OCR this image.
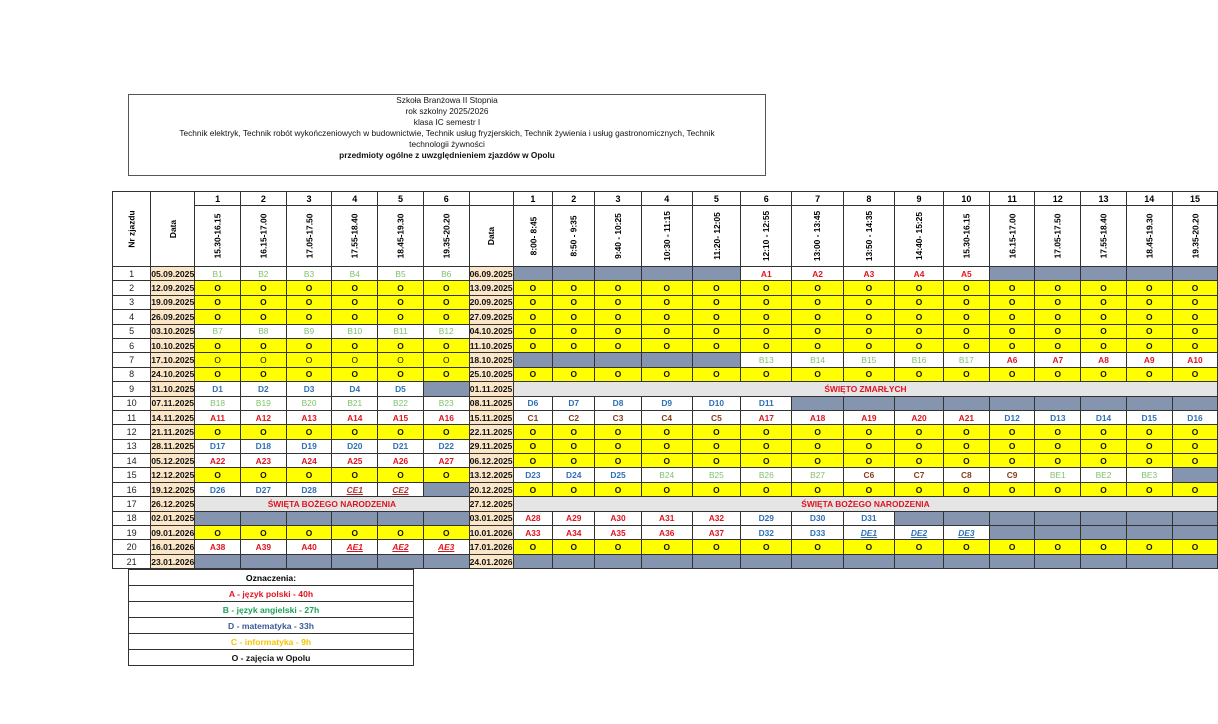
Szkoła Branżowa II Stopnia
rok szkolny 2025/2026
klasa IC semestr I
Technik elektryk, Technik robót wykończeniowych w budownictwie, Technik usług fryzjerskich, Technik żywienia i usług gastronomicznych, Technik
technologii żywności
przedmioty ogólne z uwzględnieniem zjazdów w Opolu
Nr zjazdu	Data	1	2	3	4	5	6		1	2	3	4	5	6	7	8	9	10	11	12	13	14	15
		15.30-16.15	16.15-17.00	17.05-17.50	17.55-18.40	18.45-19.30	19.35-20.20	Data	8:00- 8:45	8:50 - 9:35	9:40 - 10:25	10:30 - 11:15	11:20- 12:05	12:10 - 12:55	13:00 - 13:45	13:50 - 14:35	14:40- 15:25	15.30-16.15	16.15-17.00	17.05-17.50	17.55-18.40	18.45-19.30	19.35-20.20
1	05.09.2025	B1	B2	B3	B4	B5	B6	06.09.2025						A1	A2	A3	A4	A5					
2	12.09.2025	O	O	O	O	O	O	13.09.2025	O	O	O	O	O	O	O	O	O	O	O	O	O	O	O
3	19.09.2025	O	O	O	O	O	O	20.09.2025	O	O	O	O	O	O	O	O	O	O	O	O	O	O	O
4	26.09.2025	O	O	O	O	O	O	27.09.2025	O	O	O	O	O	O	O	O	O	O	O	O	O	O	O
5	03.10.2025	B7	B8	B9	B10	B11	B12	04.10.2025	O	O	O	O	O	O	O	O	O	O	O	O	O	O	O
6	10.10.2025	O	O	O	O	O	O	11.10.2025	O	O	O	O	O	O	O	O	O	O	O	O	O	O	O
7	17.10.2025	O	O	O	O	O	O	18.10.2025						B13	B14	B15	B16	B17	A6	A7	A8	A9	A10
8	24.10.2025	O	O	O	O	O	O	25.10.2025	O	O	O	O	O	O	O	O	O	O	O	O	O	O	O
9	31.10.2025	D1	D2	D3	D4	D5		01.11.2025	ŚWIĘTO ZMARŁYCH														
10	07.11.2025	B18	B19	B20	B21	B22	B23	08.11.2025	D6	D7	D8	D9	D10	D11									
11	14.11.2025	A11	A12	A13	A14	A15	A16	15.11.2025	C1	C2	C3	C4	C5	A17	A18	A19	A20	A21	D12	D13	D14	D15	D16
12	21.11.2025	O	O	O	O	O	O	22.11.2025	O	O	O	O	O	O	O	O	O	O	O	O	O	O	O
13	28.11.2025	D17	D18	D19	D20	D21	D22	29.11.2025	O	O	O	O	O	O	O	O	O	O	O	O	O	O	O
14	05.12.2025	A22	A23	A24	A25	A26	A27	06.12.2025	O	O	O	O	O	O	O	O	O	O	O	O	O	O	O
15	12.12.2025	O	O	O	O	O	O	13.12.2025	D23	D24	D25	B24	B25	B26	B27	C6	C7	C8	C9	BE1	BE2	BE3	
16	19.12.2025	D26	D27	D28	CE1	CE2		20.12.2025	O	O	O	O	O	O	O	O	O	O	O	O	O	O	O
17	26.12.2025	ŚWIĘTA BOŻEGO NARODZENIA						27.12.2025	ŚWIĘTA BOŻEGO NARODZENIA														
18	02.01.2025							03.01.2025	A28	A29	A30	A31	A32	D29	D30	D31							
19	09.01.2026	O	O	O	O	O	O	10.01.2026	A33	A34	A35	A36	A37	D32	D33	DE1	DE2	DE3					
20	16.01.2026	A38	A39	A40	AE1	AE2	AE3	17.01.2026	O	O	O	O	O	O	O	O	O	O	O	O	O	O	O
21	23.01.2026							24.01.2026															
Oznaczenia:
A - język polski - 40h
B - język angielski - 27h
D - matematyka - 33h
C - informatyka - 9h
O - zajęcia w Opolu
